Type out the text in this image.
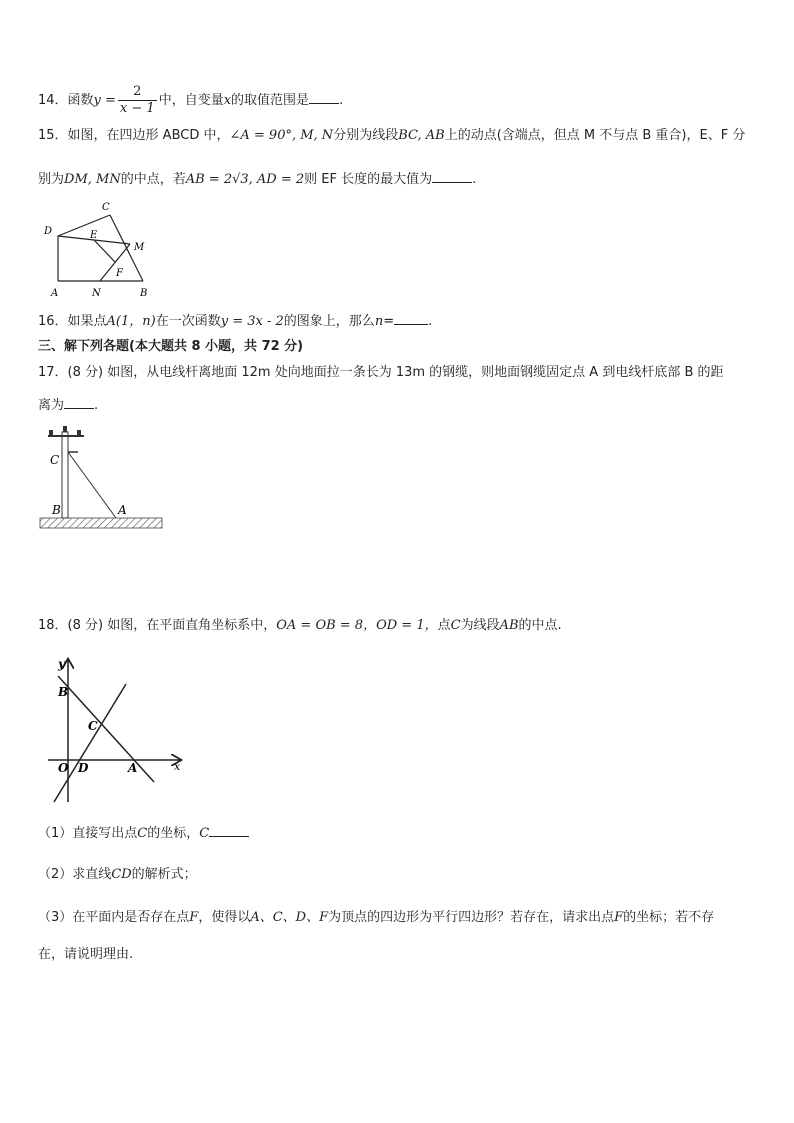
14．函数$y = \frac{2}{x - 1}$ 中，自变量x的取值范围是 .
15．如图，在四边形 ABCD 中，∠A = 90°, M, N分别为线段BC, AB上的动点(含端点，但点 M 不与点 B 重合)，E、F 分
别为DM, MN的中点，若AB = 2√3, AD = 2则 EF 长度的最大值为	.
D
C
E
M
F
A	N	B
16．如果点A(1，n)在一次函数y = 3x - 2的图象上，那么n=	.
三、解下列各题(本大题共 8 小题，共 72 分)
17．(8 分) 如图，从电线杆离地面 12m 处向地面拉一条长为 13m 的钢缆，则地面钢缆固定点 A 到电线杆底部 B 的距
离为 .
C
B	A
18．(8 分) 如图，在平面直角坐标系中，OA = OB = 8，OD = 1，点C为线段AB的中点.
y
x
B
C
O D	A
（1）直接写出点C的坐标，C
（2）求直线CD的解析式；
（3）在平面内是否存在点F，使得以A、C、D、F为顶点的四边形为平行四边形？若存在，请求出点F的坐标；若不存
在，请说明理由.
